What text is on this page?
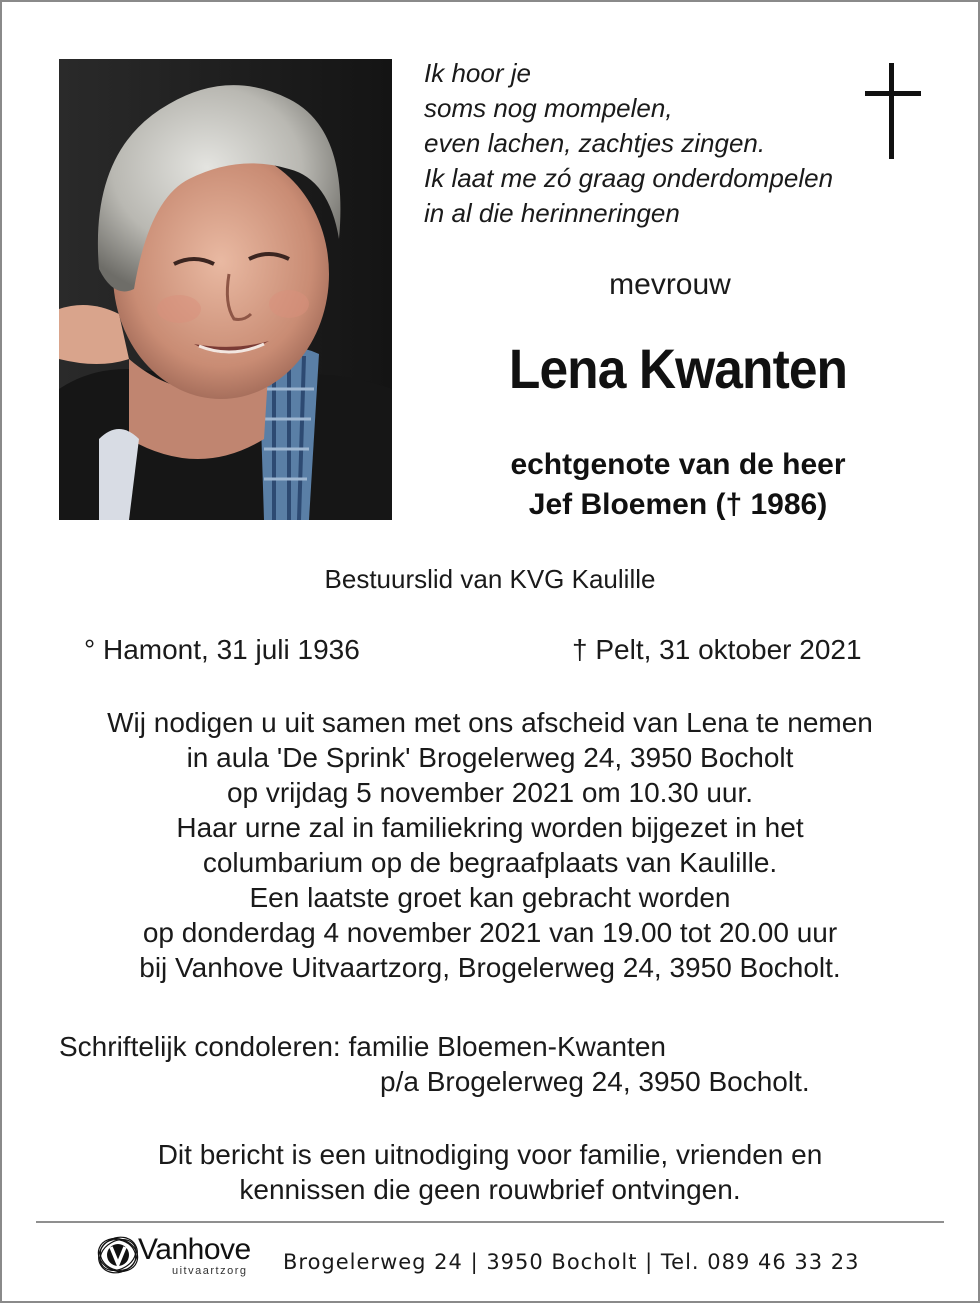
Ik hoor je
soms nog mompelen,
even lachen, zachtjes zingen.
Ik laat me zó graag onderdompelen
in al die herinneringen
mevrouw
Lena Kwanten
echtgenote van de heer
Jef Bloemen († 1986)
Bestuurslid van KVG Kaulille
° Hamont, 31 juli 1936	† Pelt, 31 oktober 2021
Wij nodigen u uit samen met ons afscheid van Lena te nemen
in aula 'De Sprink' Brogelerweg 24, 3950 Bocholt
op vrijdag 5 november 2021 om 10.30 uur.
Haar urne zal in familiekring worden bijgezet in het
columbarium op de begraafplaats van Kaulille.
Een laatste groet kan gebracht worden
op donderdag 4 november 2021 van 19.00 tot 20.00 uur
bij Vanhove Uitvaartzorg, Brogelerweg 24, 3950 Bocholt.
Schriftelijk condoleren: familie Bloemen-Kwanten
p/a Brogelerweg 24, 3950 Bocholt.
Dit bericht is een uitnodiging voor familie, vrienden en
kennissen die geen rouwbrief ontvingen.
Vanhove
uitvaartzorg Brogelerweg 24 | 3950 Bocholt | Tel. 089 46 33 23
